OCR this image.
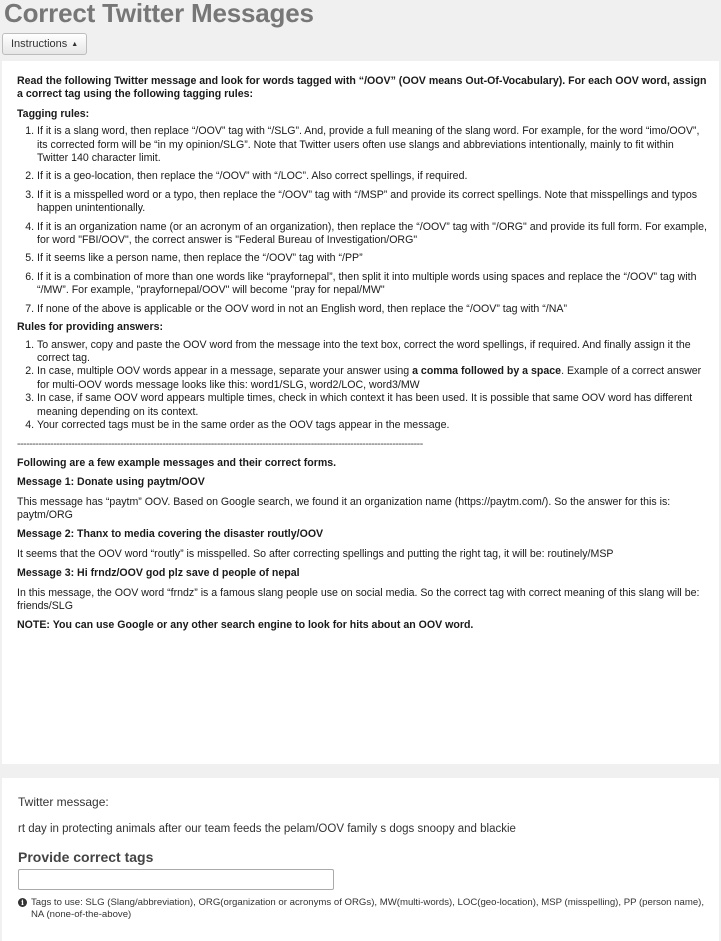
Correct Twitter Messages
Instructions ▲

Read the following Twitter message and look for words tagged with “/OOV” (OOV means Out-Of-Vocabulary). For each OOV word, assign a correct tag using the following tagging rules:

Tagging rules:

1. If it is a slang word, then replace “/OOV” tag with “/SLG”. And, provide a full meaning of the slang word. For example, for the word “imo/OOV”, its corrected form will be “in my opinion/SLG”. Note that Twitter users often use slangs and abbreviations intentionally, mainly to fit within Twitter 140 character limit.
2. If it is a geo-location, then replace the “/OOV” with “/LOC”. Also correct spellings, if required.
3. If it is a misspelled word or a typo, then replace the “/OOV” tag with “/MSP” and provide its correct spellings. Note that misspellings and typos happen unintentionally.
4. If it is an organization name (or an acronym of an organization), then replace the “/OOV” tag with "/ORG" and provide its full form. For example, for word "FBI/OOV", the correct answer is "Federal Bureau of Investigation/ORG"
5. If it seems like a person name, then replace the “/OOV” tag with “/PP”
6. If it is a combination of more than one words like “prayfornepal”, then split it into multiple words using spaces and replace the “/OOV” tag with “/MW”. For example, "prayfornepal/OOV" will become "pray for nepal/MW"
7. If none of the above is applicable or the OOV word in not an English word, then replace the “/OOV” tag with “/NA”

Rules for providing answers:

1. To answer, copy and paste the OOV word from the message into the text box, correct the word spellings, if required. And finally assign it the correct tag.
2. In case, multiple OOV words appear in a message, separate your answer using a comma followed by a space. Example of a correct answer for multi-OOV words message looks like this: word1/SLG, word2/LOC, word3/MW
3. In case, if same OOV word appears multiple times, check in which context it has been used. It is possible that same OOV word has different meaning depending on its context.
4. Your corrected tags must be in the same order as the OOV tags appear in the message.

--------------------------------------------------------------------------------------------------------------------------------------

Following are a few example messages and their correct forms.

Message 1: Donate using paytm/OOV

This message has “paytm” OOV. Based on Google search, we found it an organization name (https://paytm.com/). So the answer for this is: paytm/ORG

Message 2: Thanx to media covering the disaster routly/OOV

It seems that the OOV word “routly” is misspelled. So after correcting spellings and putting the right tag, it will be: routinely/MSP

Message 3: Hi frndz/OOV god plz save d people of nepal

In this message, the OOV word “frndz” is a famous slang people use on social media. So the correct tag with correct meaning of this slang will be: friends/SLG

NOTE: You can use Google or any other search engine to look for hits about an OOV word.

Twitter message:

rt day in protecting animals after our team feeds the pelam/OOV family s dogs snoopy and blackie

Provide correct tags

i Tags to use: SLG (Slang/abbreviation), ORG(organization or acronyms of ORGs), MW(multi-words), LOC(geo-location), MSP (misspelling), PP (person name), NA (none-of-the-above)
